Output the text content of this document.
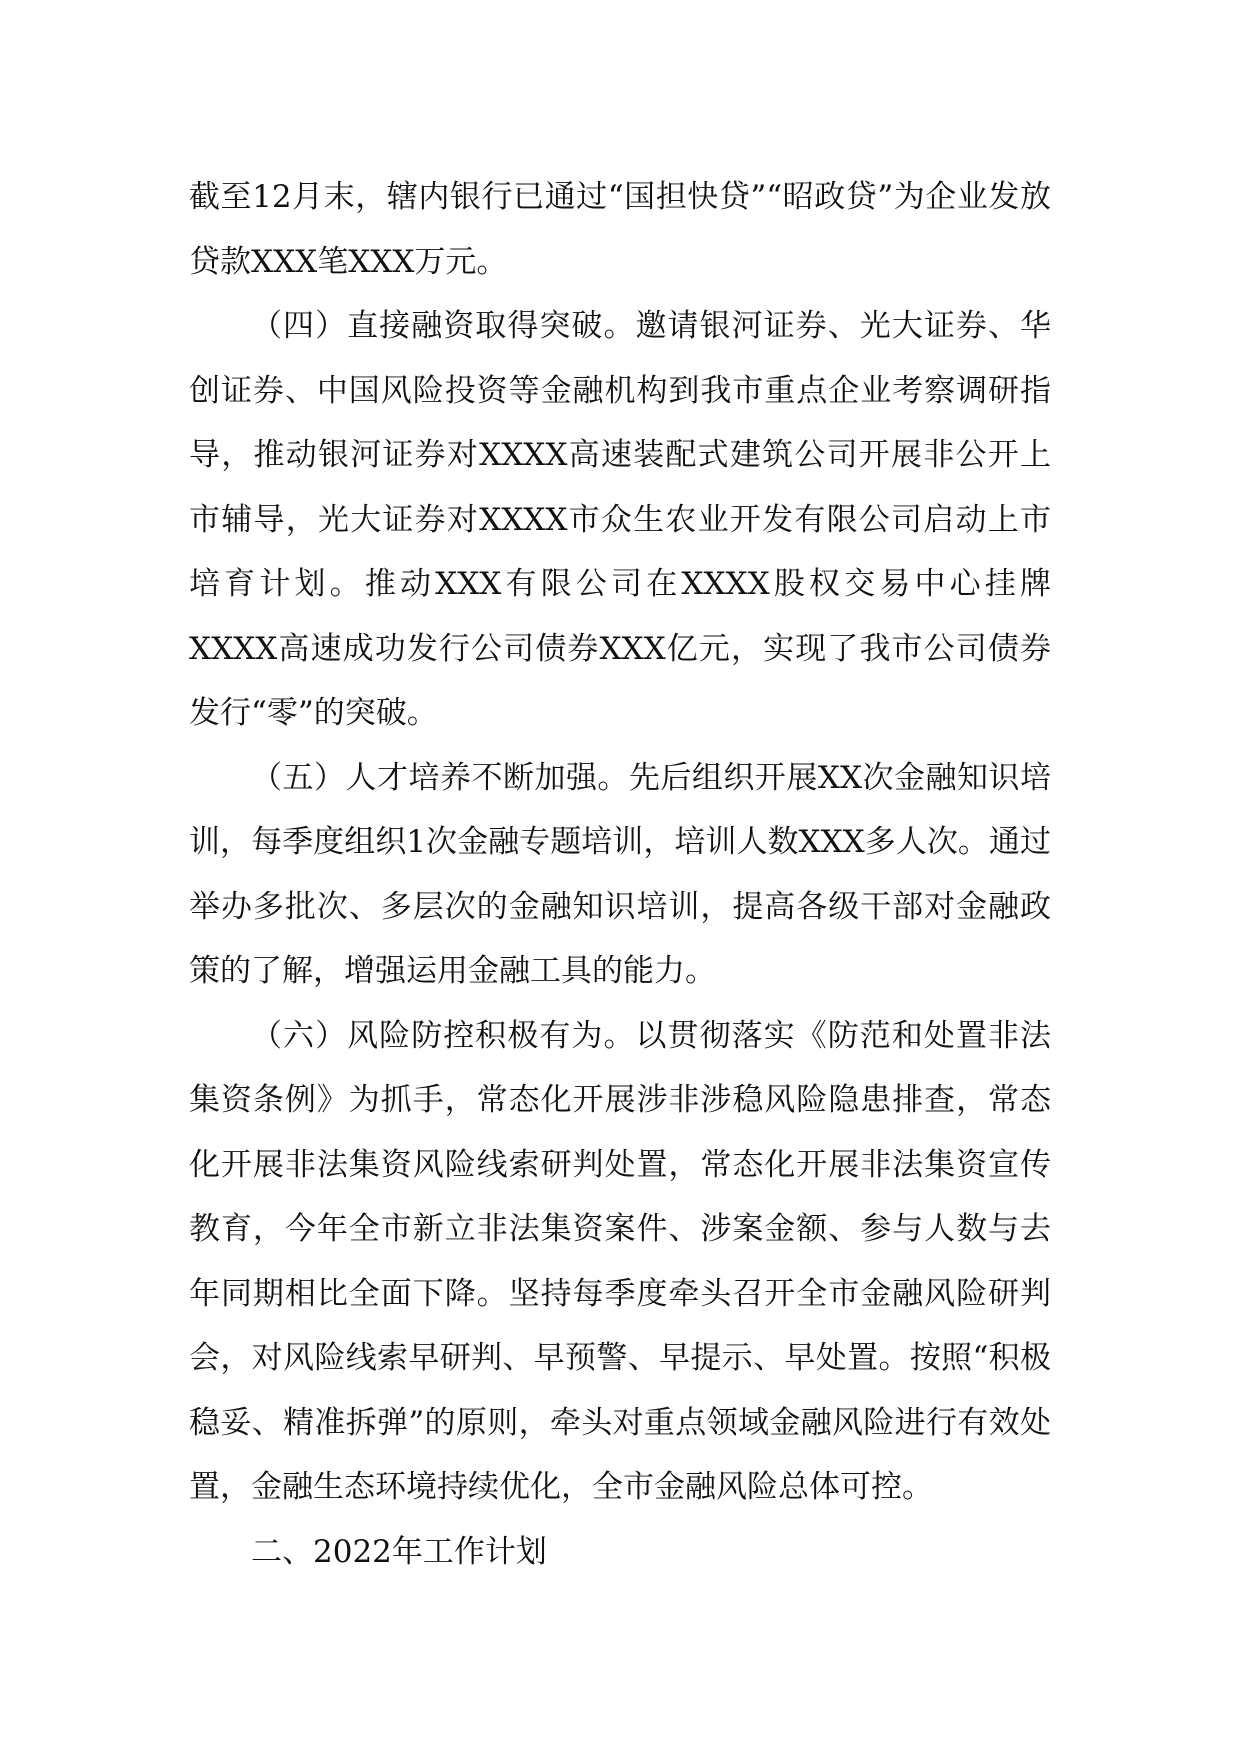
截至12月末，辖内银行已通过“国担快贷”“昭政贷”为企业发放贷款XXX笔XXX万元。

（四）直接融资取得突破。邀请银河证券、光大证券、华创证券、中国风险投资等金融机构到我市重点企业考察调研指导，推动银河证券对XXXX高速装配式建筑公司开展非公开上市辅导，光大证券对XXXX市众生农业开发有限公司启动上市培育计划。推动XXX有限公司在XXXX股权交易中心挂牌XXXX高速成功发行公司债券XXX亿元，实现了我市公司债券发行“零”的突破。

（五）人才培养不断加强。先后组织开展XX次金融知识培训，每季度组织1次金融专题培训，培训人数XXX多人次。通过举办多批次、多层次的金融知识培训，提高各级干部对金融政策的了解，增强运用金融工具的能力。

（六）风险防控积极有为。以贯彻落实《防范和处置非法集资条例》为抓手，常态化开展涉非涉稳风险隐患排查，常态化开展非法集资风险线索研判处置，常态化开展非法集资宣传教育，今年全市新立非法集资案件、涉案金额、参与人数与去年同期相比全面下降。坚持每季度牵头召开全市金融风险研判会，对风险线索早研判、早预警、早提示、早处置。按照“积极稳妥、精准拆弹”的原则，牵头对重点领域金融风险进行有效处置，金融生态环境持续优化，全市金融风险总体可控。

二、2022年工作计划
